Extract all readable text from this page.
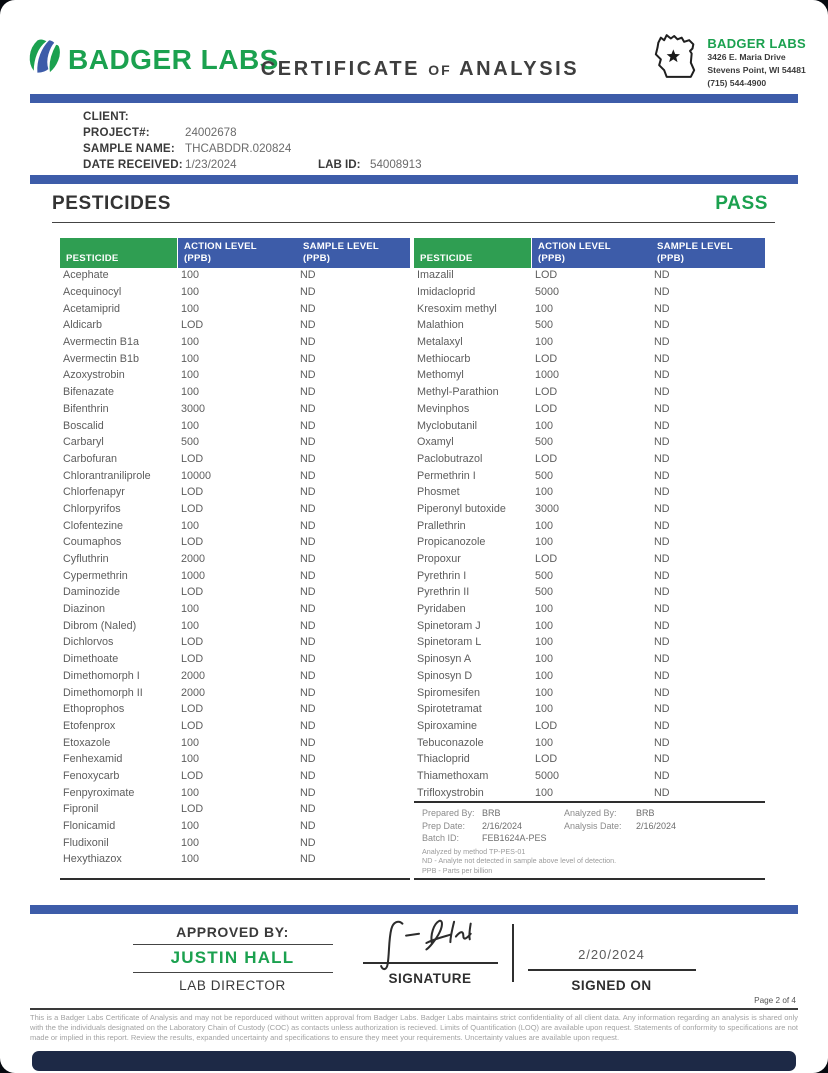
BADGER LABS
CERTIFICATE OF ANALYSIS
BADGER LABS
3426 E. Maria Drive
Stevens Point, WI 54481
(715) 544-4900
CLIENT:
PROJECT#:	24002678
SAMPLE NAME: THCABDDR.020824
DATE RECEIVED: 1/23/2024	LAB ID: 54008913
PESTICIDES	PASS
PESTICIDE
ACTION LEVEL
(PPB)
SAMPLE LEVEL
(PPB)
Acephate	100	ND
Acequinocyl	100	ND
Acetamiprid	100	ND
Aldicarb	LOD	ND
Avermectin B1a	100	ND
Avermectin B1b	100	ND
Azoxystrobin	100	ND
Bifenazate	100	ND
Bifenthrin	3000	ND
Boscalid	100	ND
Carbaryl	500	ND
Carbofuran	LOD	ND
Chlorantraniliprole	10000	ND
Chlorfenapyr	LOD	ND
Chlorpyrifos	LOD	ND
Clofentezine	100	ND
Coumaphos	LOD	ND
Cyfluthrin	2000	ND
Cypermethrin	1000	ND
Daminozide	LOD	ND
Diazinon	100	ND
Dibrom (Naled)	100	ND
Dichlorvos	LOD	ND
Dimethoate	LOD	ND
Dimethomorph I	2000	ND
Dimethomorph II	2000	ND
Ethoprophos	LOD	ND
Etofenprox	LOD	ND
Etoxazole	100	ND
Fenhexamid	100	ND
Fenoxycarb	LOD	ND
Fenpyroximate	100	ND
Fipronil	LOD	ND
Flonicamid	100	ND
Fludixonil	100	ND
Hexythiazox	100	ND
PESTICIDE
ACTION LEVEL
(PPB)
SAMPLE LEVEL
(PPB)
Imazalil	LOD	ND
Imidacloprid	5000	ND
Kresoxim methyl	100	ND
Malathion	500	ND
Metalaxyl	100	ND
Methiocarb	LOD	ND
Methomyl	1000	ND
Methyl-Parathion	LOD	ND
Mevinphos	LOD	ND
Myclobutanil	100	ND
Oxamyl	500	ND
Paclobutrazol	LOD	ND
Permethrin I	500	ND
Phosmet	100	ND
Piperonyl butoxide	3000	ND
Prallethrin	100	ND
Propicanozole	100	ND
Propoxur	LOD	ND
Pyrethrin I	500	ND
Pyrethrin II	500	ND
Pyridaben	100	ND
Spinetoram J	100	ND
Spinetoram L	100	ND
Spinosyn A	100	ND
Spinosyn D	100	ND
Spiromesifen	100	ND
Spirotetramat	100	ND
Spiroxamine	LOD	ND
Tebuconazole	100	ND
Thiacloprid	LOD	ND
Thiamethoxam	5000	ND
Trifloxystrobin	100	ND
Prepared By: BRB	Analyzed By:	BRB
Prep Date:	2/16/2024	Analysis Date:	2/16/2024
Batch ID:	FEB1624A-PES
Analyzed by method TP-PES-01
ND - Analyte not detected in sample above level of detection.
PPB - Parts per billion
APPROVED BY:
JUSTIN HALL
LAB DIRECTOR	SIGNATURE
2/20/2024
SIGNED ON
Page 2 of 4
This is a Badger Labs Certificate of Analysis and may not be reporduced without written approval from Badger Labs. Badger Labs maintains strict confidentiality of all client data. Any information regarding an analysis is shared only with the the individuals designated on the Laboratory Chain of Custody (COC) as contacts unless authorization is recieved. Limits of Quantification (LOQ) are available upon request. Statements of conformity to specifications are not made or implied in this report. Review the results, expanded uncertainty and specifications to ensure they meet your requirements. Uncertainty values are available upon request.
